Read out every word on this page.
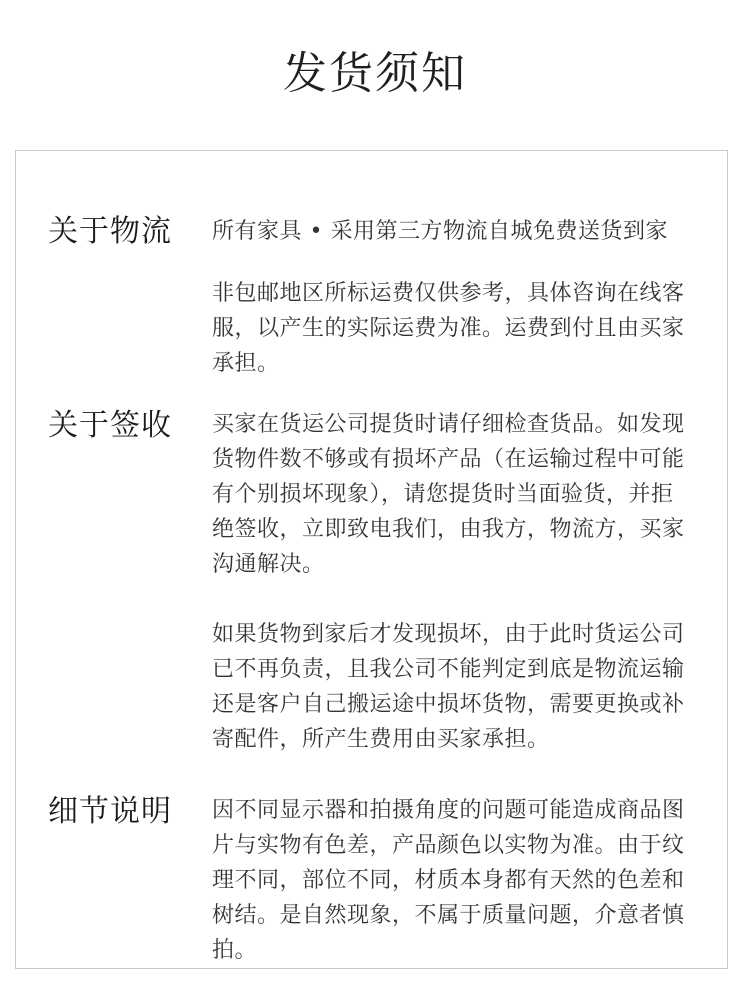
发货须知
关于物流 所有家具 • 采用第三方物流自城免费送货到家

非包邮地区所标运费仅供参考，具体咨询在线客
服，以产生的实际运费为准。运费到付且由买家
承担。

关于签收 买家在货运公司提货时请仔细检查货品。如发现
货物件数不够或有损坏产品（在运输过程中可能
有个别损坏现象），请您提货时当面验货，并拒
绝签收，立即致电我们，由我方，物流方，买家
沟通解决。

如果货物到家后才发现损坏，由于此时货运公司
已不再负责，且我公司不能判定到底是物流运输
还是客户自己搬运途中损坏货物，需要更换或补
寄配件，所产生费用由买家承担。

细节说明 因不同显示器和拍摄角度的问题可能造成商品图
片与实物有色差，产品颜色以实物为准。由于纹
理不同，部位不同，材质本身都有天然的色差和
树结。是自然现象，不属于质量问题，介意者慎拍。
